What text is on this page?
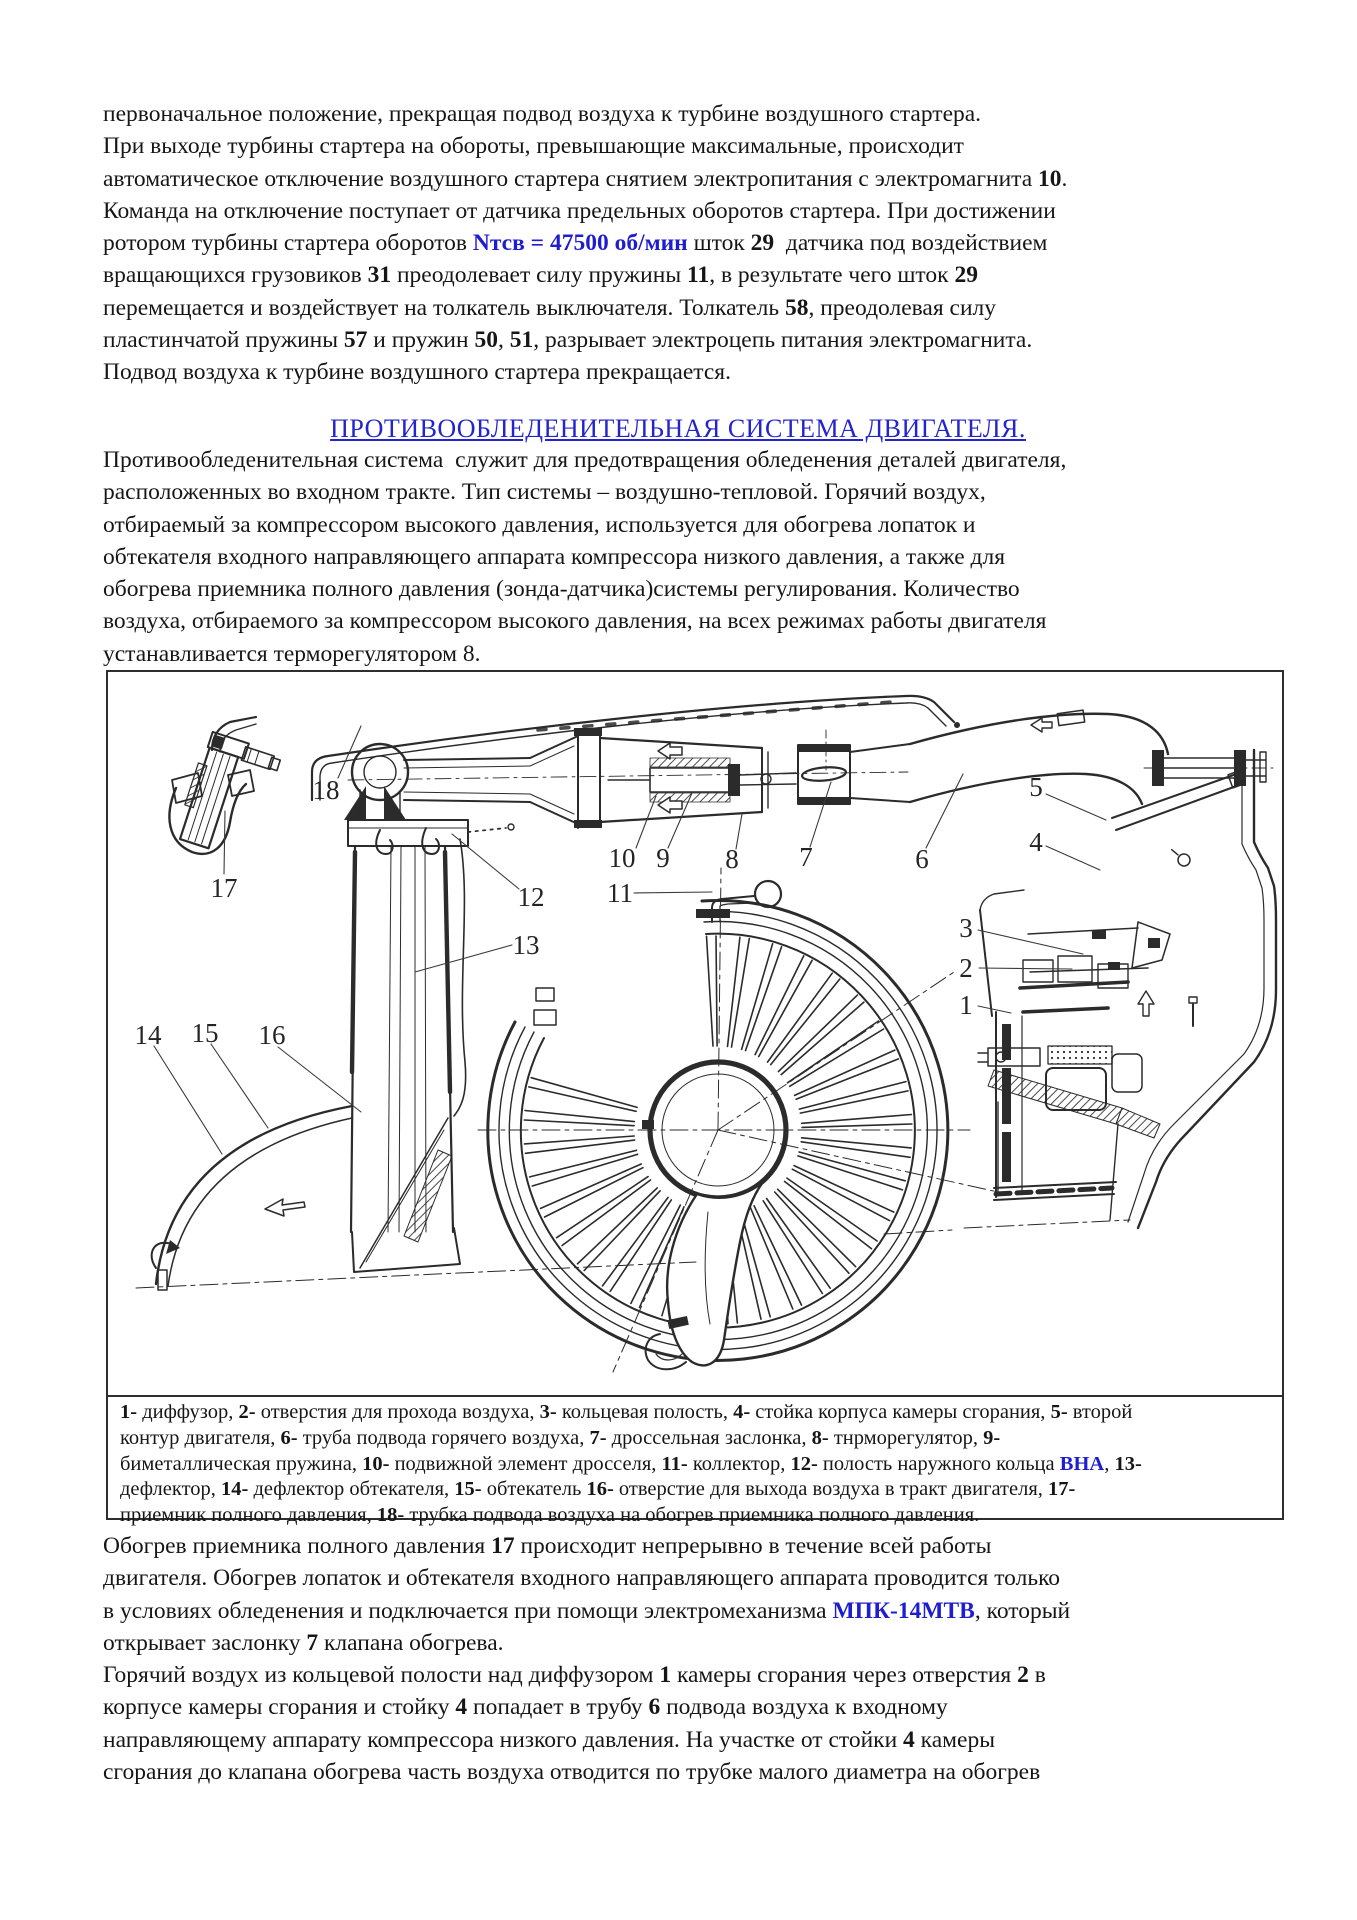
первоначальное положение, прекращая подвод воздуха к турбине воздушного стартера.
При выходе турбины стартера на обороты, превышающие максимальные, происходит
автоматическое отключение воздушного стартера снятием электропитания с электромагнита 10.
Команда на отключение поступает от датчика предельных оборотов стартера. При достижении
ротором турбины стартера оборотов Nтсв = 47500 об/мин шток 29  датчика под воздействием
вращающихся грузовиков 31 преодолевает силу пружины 11, в результате чего шток 29
перемещается и воздействует на толкатель выключателя. Толкатель 58, преодолевая силу
пластинчатой пружины 57 и пружин 50, 51, разрывает электроцепь питания электромагнита.
Подвод воздуха к турбине воздушного стартера прекращается.
ПРОТИВООБЛЕДЕНИТЕЛЬНАЯ СИСТЕМА ДВИГАТЕЛЯ.
Противообледенительная система  служит для предотвращения обледенения деталей двигателя,
расположенных во входном тракте. Тип системы – воздушно-тепловой. Горячий воздух,
отбираемый за компрессором высокого давления, используется для обогрева лопаток и
обтекателя входного направляющего аппарата компрессора низкого давления, а также для
обогрева приемника полного давления (зонда-датчика)системы регулирования. Количество
воздуха, отбираемого за компрессором высокого давления, на всех режимах работы двигателя
устанавливается терморегулятором 8.
18
17	12
13
14 15 16
10 9 8 7
11
6
5
4
3
2
1
1- диффузор, 2- отверстия для прохода воздуха, 3- кольцевая полость, 4- стойка корпуса камеры сгорания, 5- второй
контур двигателя, 6- труба подвода горячего воздуха, 7- дроссельная заслонка, 8- тнрморегулятор, 9-
биметаллическая пружина, 10- подвижной элемент дросселя, 11- коллектор, 12- полость наружного кольца ВНА, 13-
дефлектор, 14- дефлектор обтекателя, 15- обтекатель 16- отверстие для выхода воздуха в тракт двигателя, 17-
приемник полного давления, 18- трубка подвода воздуха на обогрев приемника полного давления.
Обогрев приемника полного давления 17 происходит непрерывно в течение всей работы
двигателя. Обогрев лопаток и обтекателя входного направляющего аппарата проводится только
в условиях обледенения и подключается при помощи электромеханизма МПК-14МТВ, который
открывает заслонку 7 клапана обогрева.
Горячий воздух из кольцевой полости над диффузором 1 камеры сгорания через отверстия 2 в
корпусе камеры сгорания и стойку 4 попадает в трубу 6 подвода воздуха к входному
направляющему аппарату компрессора низкого давления. На участке от стойки 4 камеры
сгорания до клапана обогрева часть воздуха отводится по трубке малого диаметра на обогрев
